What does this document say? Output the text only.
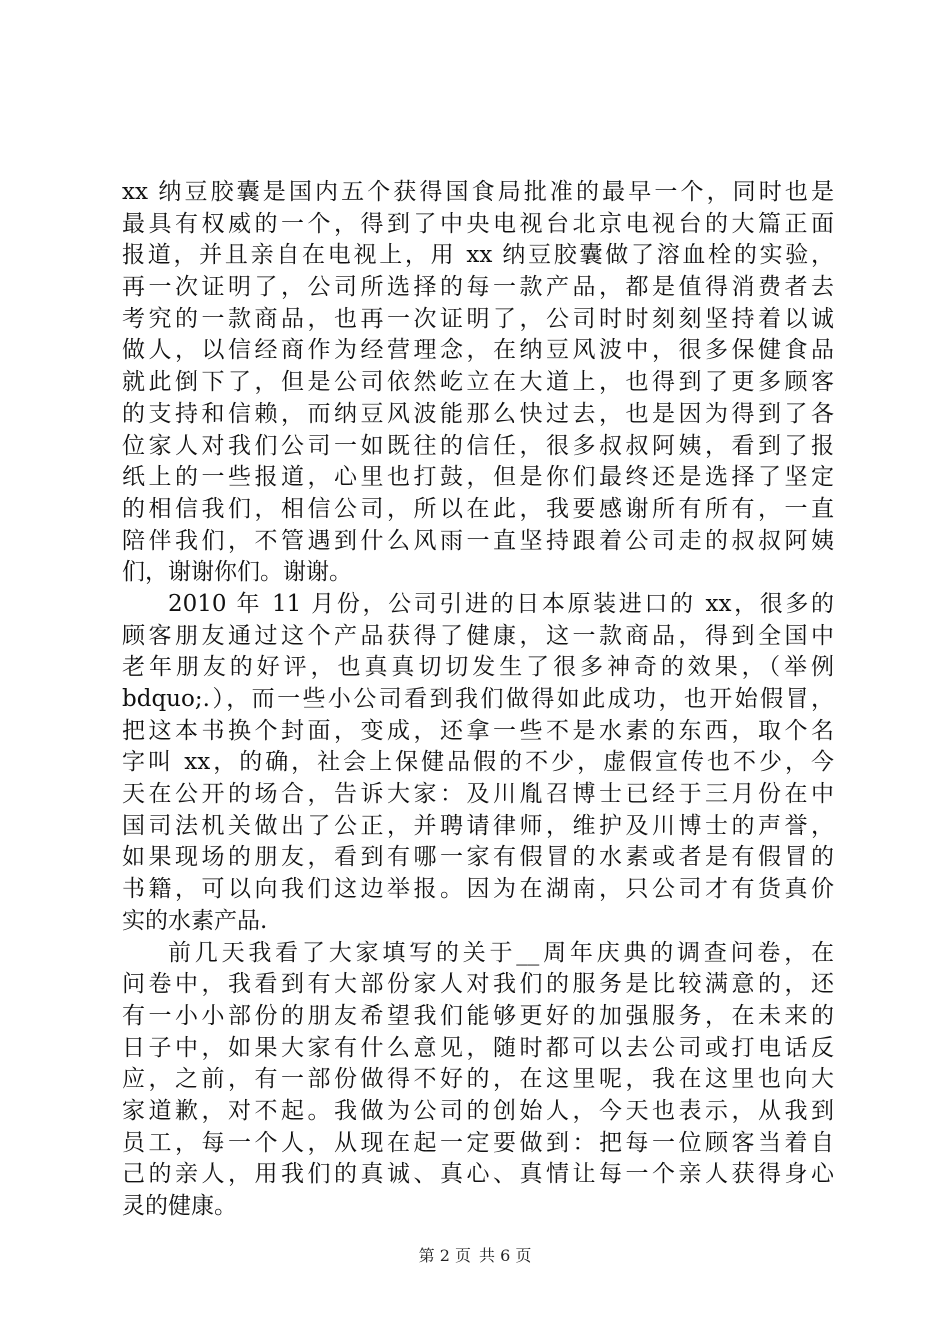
xx 纳豆胶囊是国内五个获得国食局批准的最早一个，同时也是
最具有权威的一个，得到了中央电视台北京电视台的大篇正面
报道，并且亲自在电视上，用 xx 纳豆胶囊做了溶血栓的实验，
再一次证明了，公司所选择的每一款产品，都是值得消费者去
考究的一款商品，也再一次证明了，公司时时刻刻坚持着以诚
做人，以信经商作为经营理念，在纳豆风波中，很多保健食品
就此倒下了，但是公司依然屹立在大道上，也得到了更多顾客
的支持和信赖，而纳豆风波能那么快过去，也是因为得到了各
位家人对我们公司一如既往的信任，很多叔叔阿姨，看到了报
纸上的一些报道，心里也打鼓，但是你们最终还是选择了坚定
的相信我们，相信公司，所以在此，我要感谢所有所有，一直
陪伴我们，不管遇到什么风雨一直坚持跟着公司走的叔叔阿姨
们，谢谢你们。谢谢。
2010 年 11 月份，公司引进的日本原装进口的 xx，很多的
顾客朋友通过这个产品获得了健康，这一款商品，得到全国中
老年朋友的好评，也真真切切发生了很多神奇的效果，（举例
bdquo;.），而一些小公司看到我们做得如此成功，也开始假冒，
把这本书换个封面，变成，还拿一些不是水素的东西，取个名
字叫 xx，的确，社会上保健品假的不少，虚假宣传也不少，今
天在公开的场合，告诉大家：及川胤召博士已经于三月份在中
国司法机关做出了公正，并聘请律师，维护及川博士的声誉，
如果现场的朋友，看到有哪一家有假冒的水素或者是有假冒的
书籍，可以向我们这边举报。因为在湖南，只公司才有货真价
实的水素产品.
前几天我看了大家填写的关于__周年庆典的调查问卷，在
问卷中，我看到有大部份家人对我们的服务是比较满意的，还
有一小小部份的朋友希望我们能够更好的加强服务，在未来的
日子中，如果大家有什么意见，随时都可以去公司或打电话反
应，之前，有一部份做得不好的，在这里呢，我在这里也向大
家道歉，对不起。我做为公司的创始人，今天也表示，从我到
员工，每一个人，从现在起一定要做到：把每一位顾客当着自
己的亲人，用我们的真诚、真心、真情让每一个亲人获得身心
灵的健康。
第 2 页 共 6 页
